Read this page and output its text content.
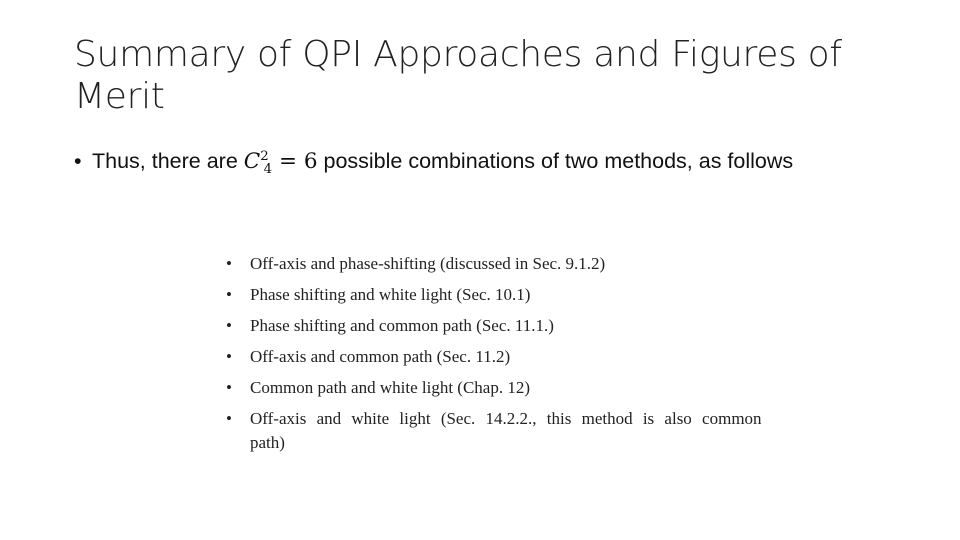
Summary of QPI Approaches and Figures of Merit
• Thus, there are $C^2_4 = 6$ possible combinations of two methods, as follows
• Off-axis and phase-shifting (discussed in Sec. 9.1.2)
• Phase shifting and white light (Sec. 10.1)
• Phase shifting and common path (Sec. 11.1.)
• Off-axis and common path (Sec. 11.2)
• Common path and white light (Chap. 12)
• Off-axis and white light (Sec. 14.2.2., this method is also common path)
